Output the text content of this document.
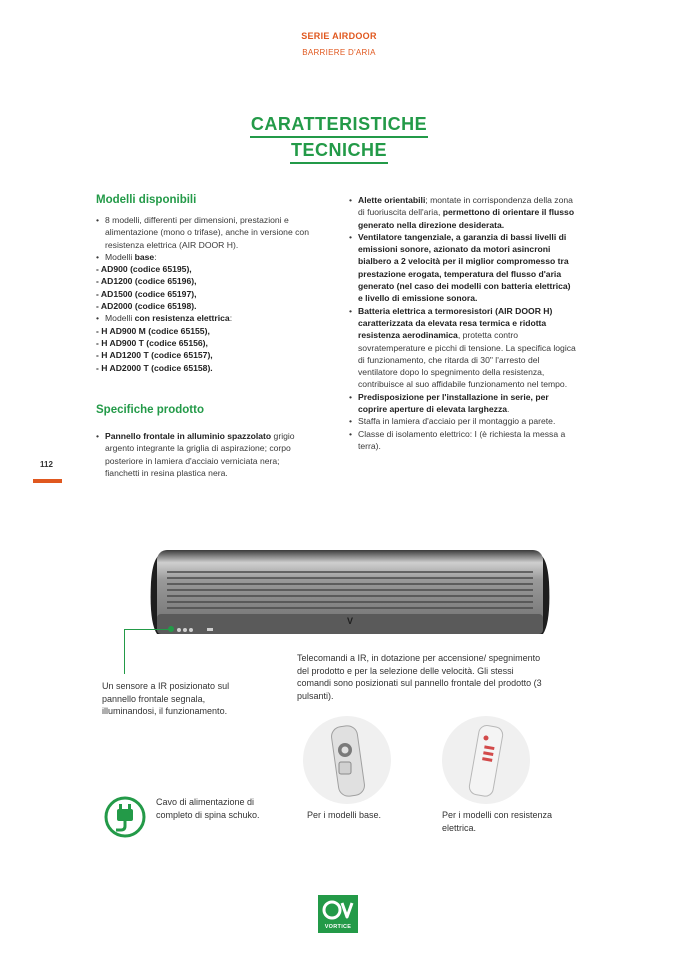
SERIE AIRDOOR
BARRIERE D'ARIA
CARATTERISTICHE
TECNICHE
Modelli disponibili
• 8 modelli, differenti per dimensioni, prestazioni e alimentazione (mono o trifase), anche in versione con resistenza elettrica (AIR DOOR H).
• Modelli base:
- AD900 (codice 65195),
- AD1200 (codice 65196),
- AD1500 (codice 65197),
- AD2000 (codice 65198).
• Modelli con resistenza elettrica:
- H AD900 M (codice 65155),
- H AD900 T (codice 65156),
- H AD1200 T (codice 65157),
- H AD2000 T (codice 65158).
Specifiche prodotto
• Pannello frontale in alluminio spazzolato grigio argento integrante la griglia di aspirazione; corpo posteriore in lamiera d'acciaio verniciata nera; fianchetti in resina plastica nera.
112
• Alette orientabili; montate in corrispondenza della zona di fuoriuscita dell'aria, permettono di orientare il flusso generato nella direzione desiderata.
• Ventilatore tangenziale, a garanzia di bassi livelli di emissioni sonore, azionato da motori asincroni bialbero a 2 velocità per il miglior compromesso tra prestazione erogata, temperatura del flusso d'aria generato (nel caso dei modelli con batteria elettrica) e livello di emissione sonora.
• Batteria elettrica a termoresistori (AIR DOOR H) caratterizzata da elevata resa termica e ridotta resistenza aerodinamica, protetta contro sovratemperature e picchi di tensione. La specifica logica di funzionamento, che ritarda di 30" l'arresto del ventilatore dopo lo spegnimento della resistenza, contribuisce al suo affidabile funzionamento nel tempo.
• Predisposizione per l'installazione in serie, per coprire aperture di elevata larghezza.
• Staffa in lamiera d'acciaio per il montaggio a parete.
• Classe di isolamento elettrico: I (è richiesta la messa a terra).
V
Un sensore a IR posizionato sul pannello frontale segnala, illuminandosi, il funzionamento.
Telecomandi a IR, in dotazione per accensione/ spegnimento del prodotto e per la selezione delle velocità. Gli stessi comandi sono posizionati sul pannello frontale del prodotto (3 pulsanti).
Per i modelli base.	Per i modelli con resistenza elettrica.
Cavo di alimentazione di completo di spina schuko.
VORTICE
